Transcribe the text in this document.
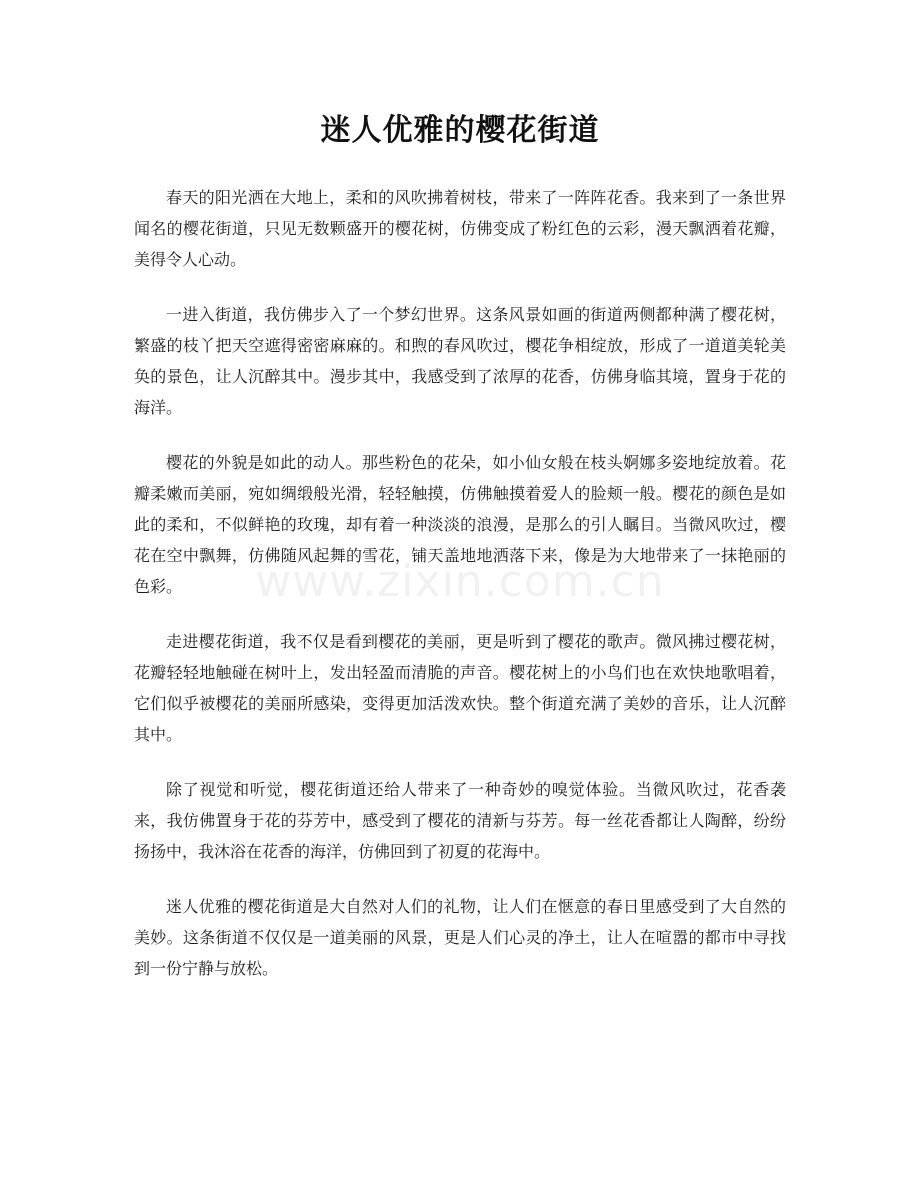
迷人优雅的樱花街道

春天的阳光洒在大地上，柔和的风吹拂着树枝，带来了一阵阵花香。我来到了一条世界闻名的樱花街道，只见无数颗盛开的樱花树，仿佛变成了粉红色的云彩，漫天飘洒着花瓣，美得令人心动。

一进入街道，我仿佛步入了一个梦幻世界。这条风景如画的街道两侧都种满了樱花树，繁盛的枝丫把天空遮得密密麻麻的。和煦的春风吹过，樱花争相绽放，形成了一道道美轮美奂的景色，让人沉醉其中。漫步其中，我感受到了浓厚的花香，仿佛身临其境，置身于花的海洋。

樱花的外貌是如此的动人。那些粉色的花朵，如小仙女般在枝头婀娜多姿地绽放着。花瓣柔嫩而美丽，宛如绸缎般光滑，轻轻触摸，仿佛触摸着爱人的脸颊一般。樱花的颜色是如此的柔和，不似鲜艳的玫瑰，却有着一种淡淡的浪漫，是那么的引人瞩目。当微风吹过，樱花在空中飘舞，仿佛随风起舞的雪花，铺天盖地地洒落下来，像是为大地带来了一抹艳丽的色彩。

走进樱花街道，我不仅是看到樱花的美丽，更是听到了樱花的歌声。微风拂过樱花树，花瓣轻轻地触碰在树叶上，发出轻盈而清脆的声音。樱花树上的小鸟们也在欢快地歌唱着，它们似乎被樱花的美丽所感染，变得更加活泼欢快。整个街道充满了美妙的音乐，让人沉醉其中。

除了视觉和听觉，樱花街道还给人带来了一种奇妙的嗅觉体验。当微风吹过，花香袭来，我仿佛置身于花的芬芳中，感受到了樱花的清新与芬芳。每一丝花香都让人陶醉，纷纷扬扬中，我沐浴在花香的海洋，仿佛回到了初夏的花海中。

迷人优雅的樱花街道是大自然对人们的礼物，让人们在惬意的春日里感受到了大自然的美妙。这条街道不仅仅是一道美丽的风景，更是人们心灵的净土，让人在喧嚣的都市中寻找到一份宁静与放松。

www.zixin.com.cn
